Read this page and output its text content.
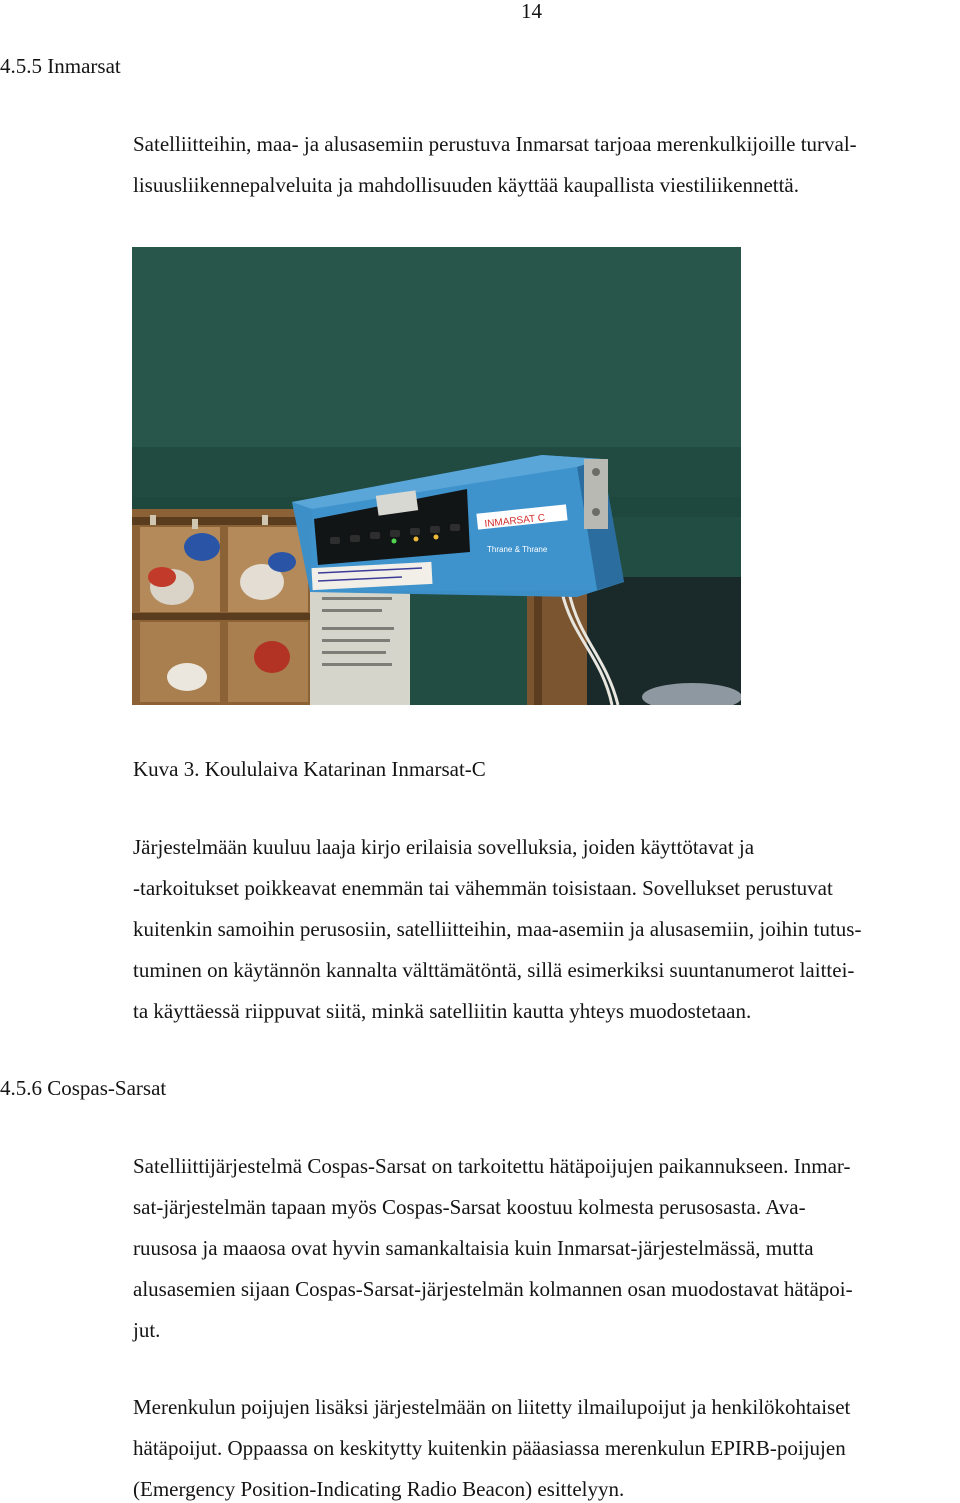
14
4.5.5 Inmarsat
Satelliitteihin, maa- ja alusasemiin perustuva Inmarsat tarjoaa merenkulkijoille turval-
lisuusliikennepalveluita ja mahdollisuuden käyttää kaupallista viestiliikennettä.
INMARSAT C
Thrane & Thrane
Kuva 3. Koululaiva Katarinan Inmarsat-C
Järjestelmään kuuluu laaja kirjo erilaisia sovelluksia, joiden käyttötavat ja
-tarkoitukset poikkeavat enemmän tai vähemmän toisistaan. Sovellukset perustuvat
kuitenkin samoihin perusosiin, satelliitteihin, maa-asemiin ja alusasemiin, joihin tutus-
tuminen on käytännön kannalta välttämätöntä, sillä esimerkiksi suuntanumerot laittei-
ta käyttäessä riippuvat siitä, minkä satelliitin kautta yhteys muodostetaan.
4.5.6 Cospas-Sarsat
Satelliittijärjestelmä Cospas-Sarsat on tarkoitettu hätäpoijujen paikannukseen. Inmar-
sat-järjestelmän tapaan myös Cospas-Sarsat koostuu kolmesta perusosasta. Ava-
ruusosa ja maaosa ovat hyvin samankaltaisia kuin Inmarsat-järjestelmässä, mutta
alusasemien sijaan Cospas-Sarsat-järjestelmän kolmannen osan muodostavat hätäpoi-
jut.
Merenkulun poijujen lisäksi järjestelmään on liitetty ilmailupoijut ja henkilökohtaiset
hätäpoijut. Oppaassa on keskitytty kuitenkin pääasiassa merenkulun EPIRB-poijujen
(Emergency Position-Indicating Radio Beacon) esittelyyn.
